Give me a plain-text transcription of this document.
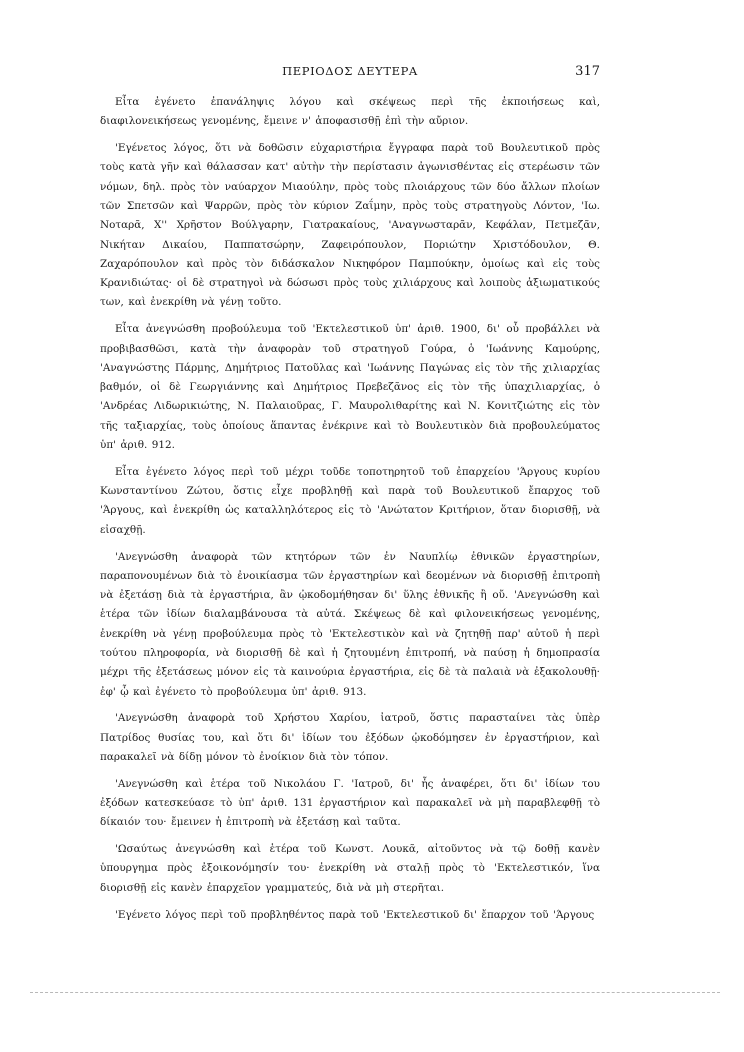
ΠΕΡΙΟΔΟΣ ΔΕΥΤΕΡΑ	317

Εἶτα ἐγένετο ἐπανάληψις λόγου καὶ σκέψεως περὶ τῆς ἐκποιήσεως καὶ, διαφιλονεικήσεως γενομένης, ἔμεινε ν' ἀποφασισθῇ ἐπὶ τὴν αὔριον.

'Εγένετος λόγος, ὅτι νὰ δοθῶσιν εὐχαριστήρια ἔγγραφα παρὰ τοῦ Βουλευτικοῦ πρὸς τοὺς κατὰ γῆν καὶ θάλασσαν κατ' αὐτὴν τὴν περίστασιν ἀγωνισθέντας εἰς στερέωσιν τῶν νόμων, δηλ. πρὸς τὸν ναύαρχον Μιαούλην, πρὸς τοὺς πλοιάρχους τῶν δύο ἄλλων πλοίων τῶν Σπετσῶν καὶ Ψαρρῶν, πρὸς τὸν κύριον Ζαΐμην, πρὸς τοὺς στρατηγοὺς Λόντον, 'Ιω. Νοταρᾶ, Χ'' Χρῆστον Βούλγαρην, Γιατρακαίους, 'Αναγνωσταρᾶν, Κεφάλαν, Πετμεζᾶν, Νικήταν Δικαίου, Παππατσώρην, Ζαφειρόπουλον, Ποριώτην Χριστόδουλον, Θ. Ζαχαρόπουλον καὶ πρὸς τὸν διδάσκαλον Νικηφόρον Παμπούκην, ὁμοίως καὶ εἰς τοὺς Κρανιδιώτας· οἱ δὲ στρατηγοὶ νὰ δώσωσι πρὸς τοὺς χιλιάρχους καὶ λοιποὺς ἀξιωματικούς των, καὶ ἐνεκρίθη νὰ γένῃ τοῦτο.

Εἶτα ἀνεγνώσθη προβούλευμα τοῦ 'Εκτελεστικοῦ ὑπ' ἀριθ. 1900, δι' οὗ προβάλλει νὰ προβιβασθῶσι, κατὰ τὴν ἀναφορὰν τοῦ στρατηγοῦ Γούρα, ὁ 'Ιωάννης Καμούρης, 'Αναγνώστης Πάρμης, Δημήτριος Πατοῦλας καὶ 'Ιωάννης Παγώνας εἰς τὸν τῆς χιλιαρχίας βαθμόν, οἱ δὲ Γεωργιάννης καὶ Δημήτριος Πρεβεζᾶνος εἰς τὸν τῆς ὑπαχιλιαρχίας, ὁ 'Ανδρέας Λιδωρικιώτης, Ν. Παλαιοῦρας, Γ. Μαυρολιθαρίτης καὶ Ν. Κονιτζιώτης εἰς τὸν τῆς ταξιαρχίας, τοὺς ὁποίους ἅπαντας ἐνέκρινε καὶ τὸ Βουλευτικὸν διὰ προβουλεύματος ὑπ' ἀριθ. 912.

Εἶτα ἐγένετο λόγος περὶ τοῦ μέχρι τοῦδε τοποτηρητοῦ τοῦ ἐπαρχείου 'Άργους κυρίου Κωνσταντίνου Ζώτου, ὅστις εἶχε προβληθῇ καὶ παρὰ τοῦ Βουλευτικοῦ ἔπαρχος τοῦ 'Άργους, καὶ ἐνεκρίθη ὡς καταλληλότερος εἰς τὸ 'Ανώτατον Κριτήριον, ὅταν διορισθῇ, νὰ εἰσαχθῇ.

'Ανεγνώσθη ἀναφορὰ τῶν κτητόρων τῶν ἐν Ναυπλίῳ ἐθνικῶν ἐργαστηρίων, παραπονουμένων διὰ τὸ ἐνοικίασμα τῶν ἐργαστηρίων καὶ δεομένων νὰ διορισθῇ ἐπιτροπὴ νὰ ἐξετάσῃ διὰ τὰ ἐργαστήρια, ἂν ᾠκοδομήθησαν δι' ὕλης ἐθνικῆς ἢ οὔ. 'Ανεγνώσθη καὶ ἑτέρα τῶν ἰδίων διαλαμβάνουσα τὰ αὐτά. Σκέψεως δὲ καὶ φιλονεικήσεως γενομένης, ἐνεκρίθη νὰ γένῃ προβούλευμα πρὸς τὸ 'Εκτελεστικὸν καὶ νὰ ζητηθῇ παρ' αὐτοῦ ἡ περὶ τούτου πληροφορία, νὰ διορισθῇ δὲ καὶ ἡ ζητουμένη ἐπιτροπή, νὰ παύσῃ ἡ δημοπρασία μέχρι τῆς ἐξετάσεως μόνον εἰς τὰ καινούρια ἐργαστήρια, εἰς δὲ τὰ παλαιὰ νὰ ἐξακολουθῇ· ἐφ' ᾧ καὶ ἐγένετο τὸ προβούλευμα ὑπ' ἀριθ. 913.

'Ανεγνώσθη ἀναφορὰ τοῦ Χρήστου Χαρίου, ἰατροῦ, ὅστις παρασταίνει τὰς ὑπὲρ Πατρίδος θυσίας του, καὶ ὅτι δι' ἰδίων του ἐξόδων ᾠκοδόμησεν ἐν ἐργαστήριον, καὶ παρακαλεῖ νὰ δίδῃ μόνον τὸ ἐνοίκιον διὰ τὸν τόπον.

'Ανεγνώσθη καὶ ἑτέρα τοῦ Νικολάου Γ. 'Ιατροῦ, δι' ἧς ἀναφέρει, ὅτι δι' ἰδίων του ἐξόδων κατεσκεύασε τὸ ὑπ' ἀριθ. 131 ἐργαστήριον καὶ παρακαλεῖ νὰ μὴ παραβλεφθῇ τὸ δίκαιόν του· ἔμεινεν ἡ ἐπιτροπὴ νὰ ἐξετάσῃ καὶ ταῦτα.

'Ωσαύτως ἀνεγνώσθη καὶ ἑτέρα τοῦ Κωνστ. Λουκᾶ, αἰτοῦντος νὰ τῷ δοθῇ κανὲν ὑπουργημα πρὸς ἐξοικονόμησίν του· ἐνεκρίθη νὰ σταλῇ πρὸς τὸ 'Εκτελεστικόν, ἵνα διορισθῇ εἰς κανὲν ἐπαρχεῖον γραμματεύς, διὰ νὰ μὴ στερῆται.

'Εγένετο λόγος περὶ τοῦ προβληθέντος παρὰ τοῦ 'Εκτελεστικοῦ δι' ἔπαρχον τοῦ 'Άργους
